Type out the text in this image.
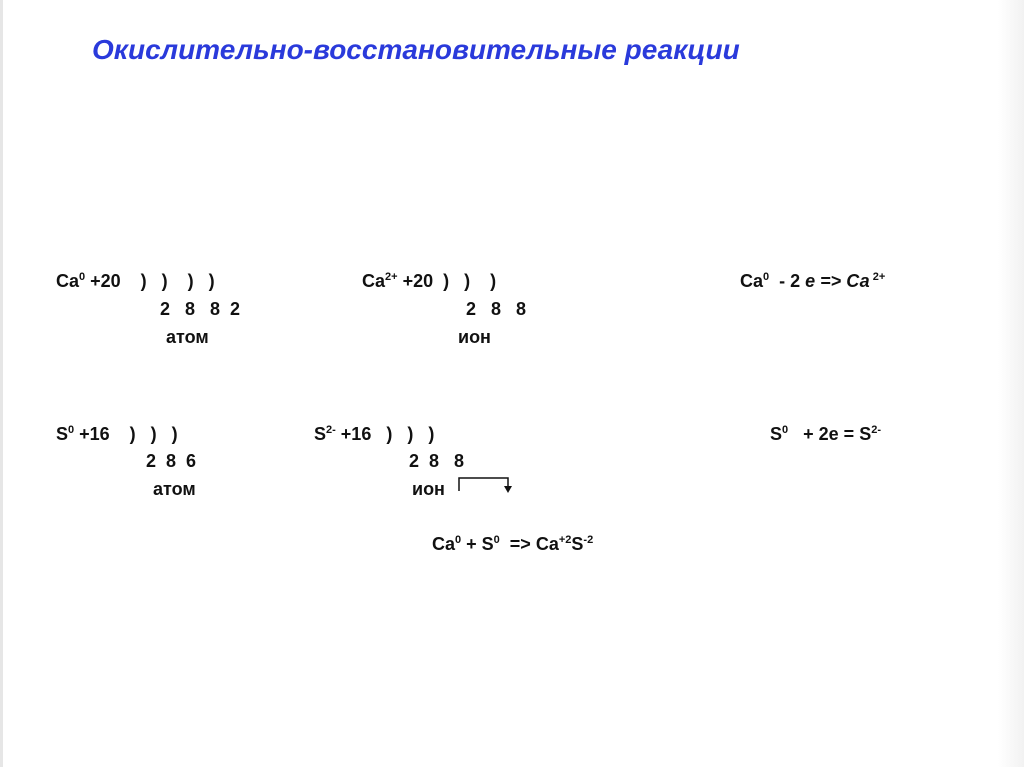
Окислительно-восстановительные реакции
$Ca^0 +20$    )   )    )   )
2   8   8  2
атом
$Ca^{2+} +20$  )   )    )
2   8   8
ион
Ca$^0$  - 2 е => Са $^{2+}$
$S^0 +16$    )   )   )
2  8  6
атом
$S^{2-} +16$   )   )   )
2  8   8
ион
$S^0 + 2е = S^{2-}$
$Ca^0 + S^0 => Ca^{+2}S^{-2}$
